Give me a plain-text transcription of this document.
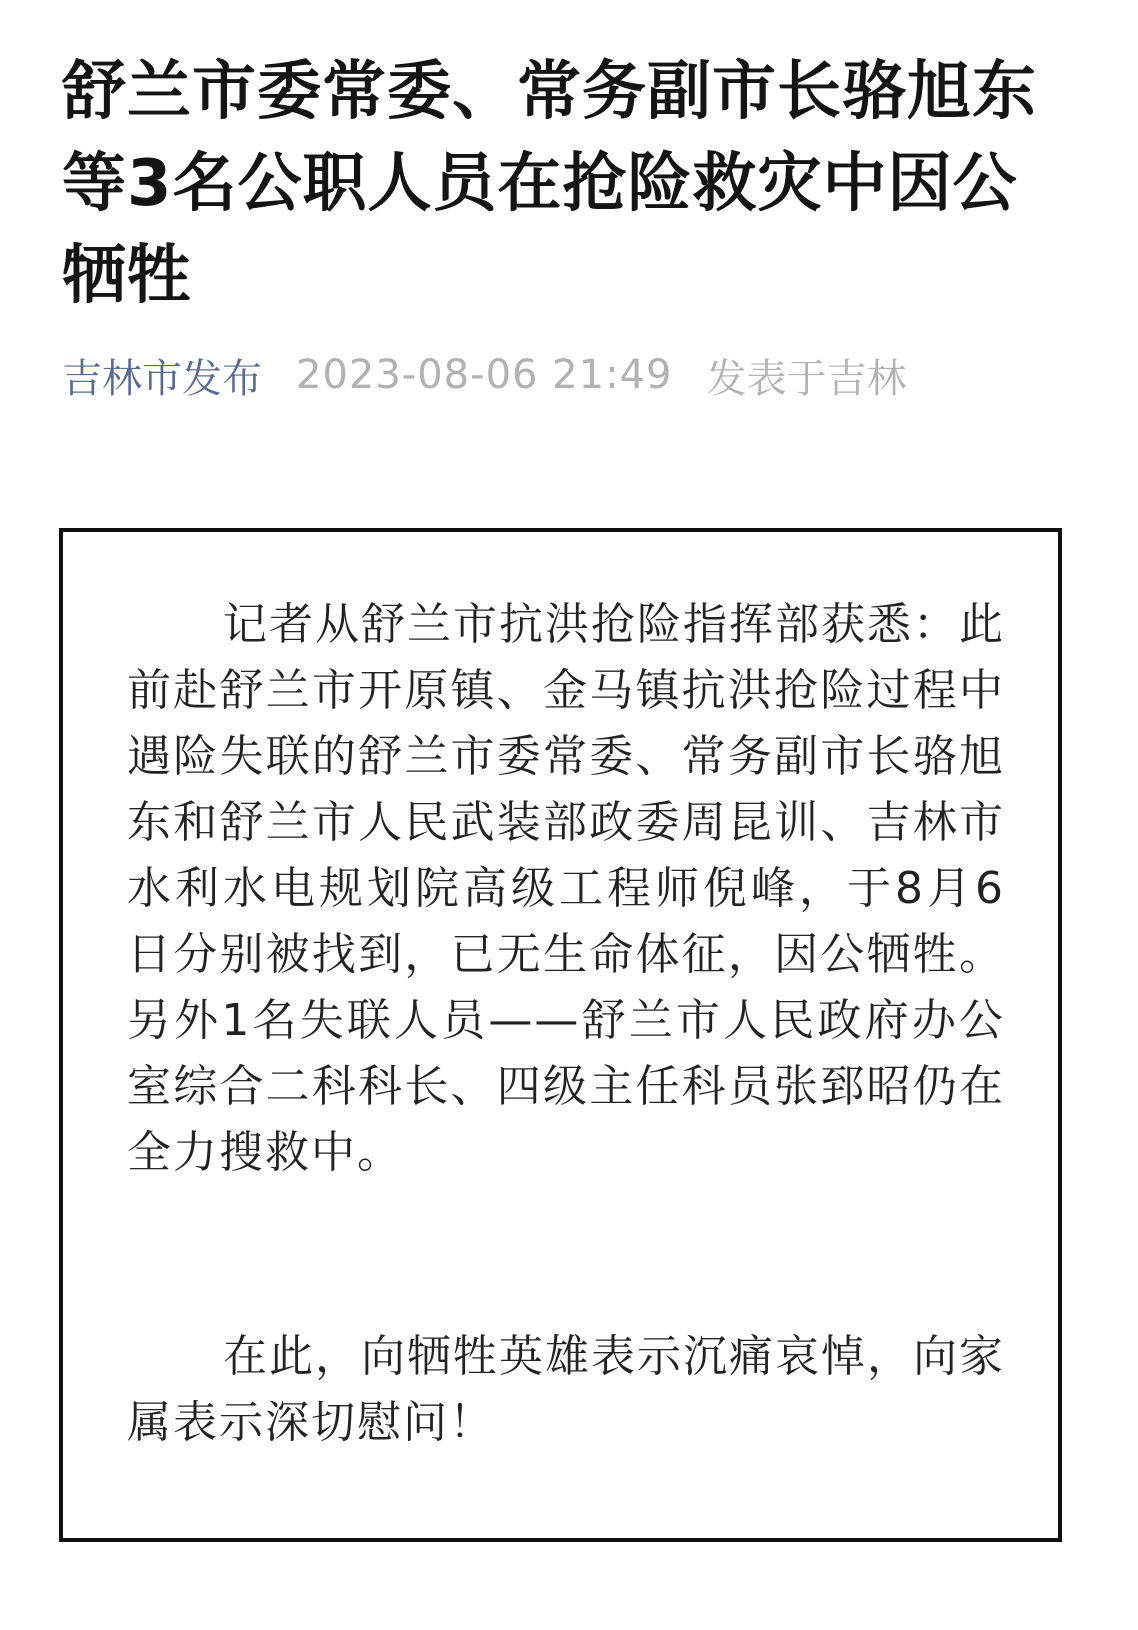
舒兰市委常委、常务副市长骆旭东等3名公职人员在抢险救灾中因公牺牲
吉林市发布 2023-08-06 21:49 发表于吉林

记者从舒兰市抗洪抢险指挥部获悉：此前赴舒兰市开原镇、金马镇抗洪抢险过程中遇险失联的舒兰市委常委、常务副市长骆旭东和舒兰市人民武装部政委周昆训、吉林市水利水电规划院高级工程师倪峰，于8月6日分别被找到，已无生命体征，因公牺牲。另外1名失联人员——舒兰市人民政府办公室综合二科科长、四级主任科员张郅昭仍在全力搜救中。

在此，向牺牲英雄表示沉痛哀悼，向家属表示深切慰问！
